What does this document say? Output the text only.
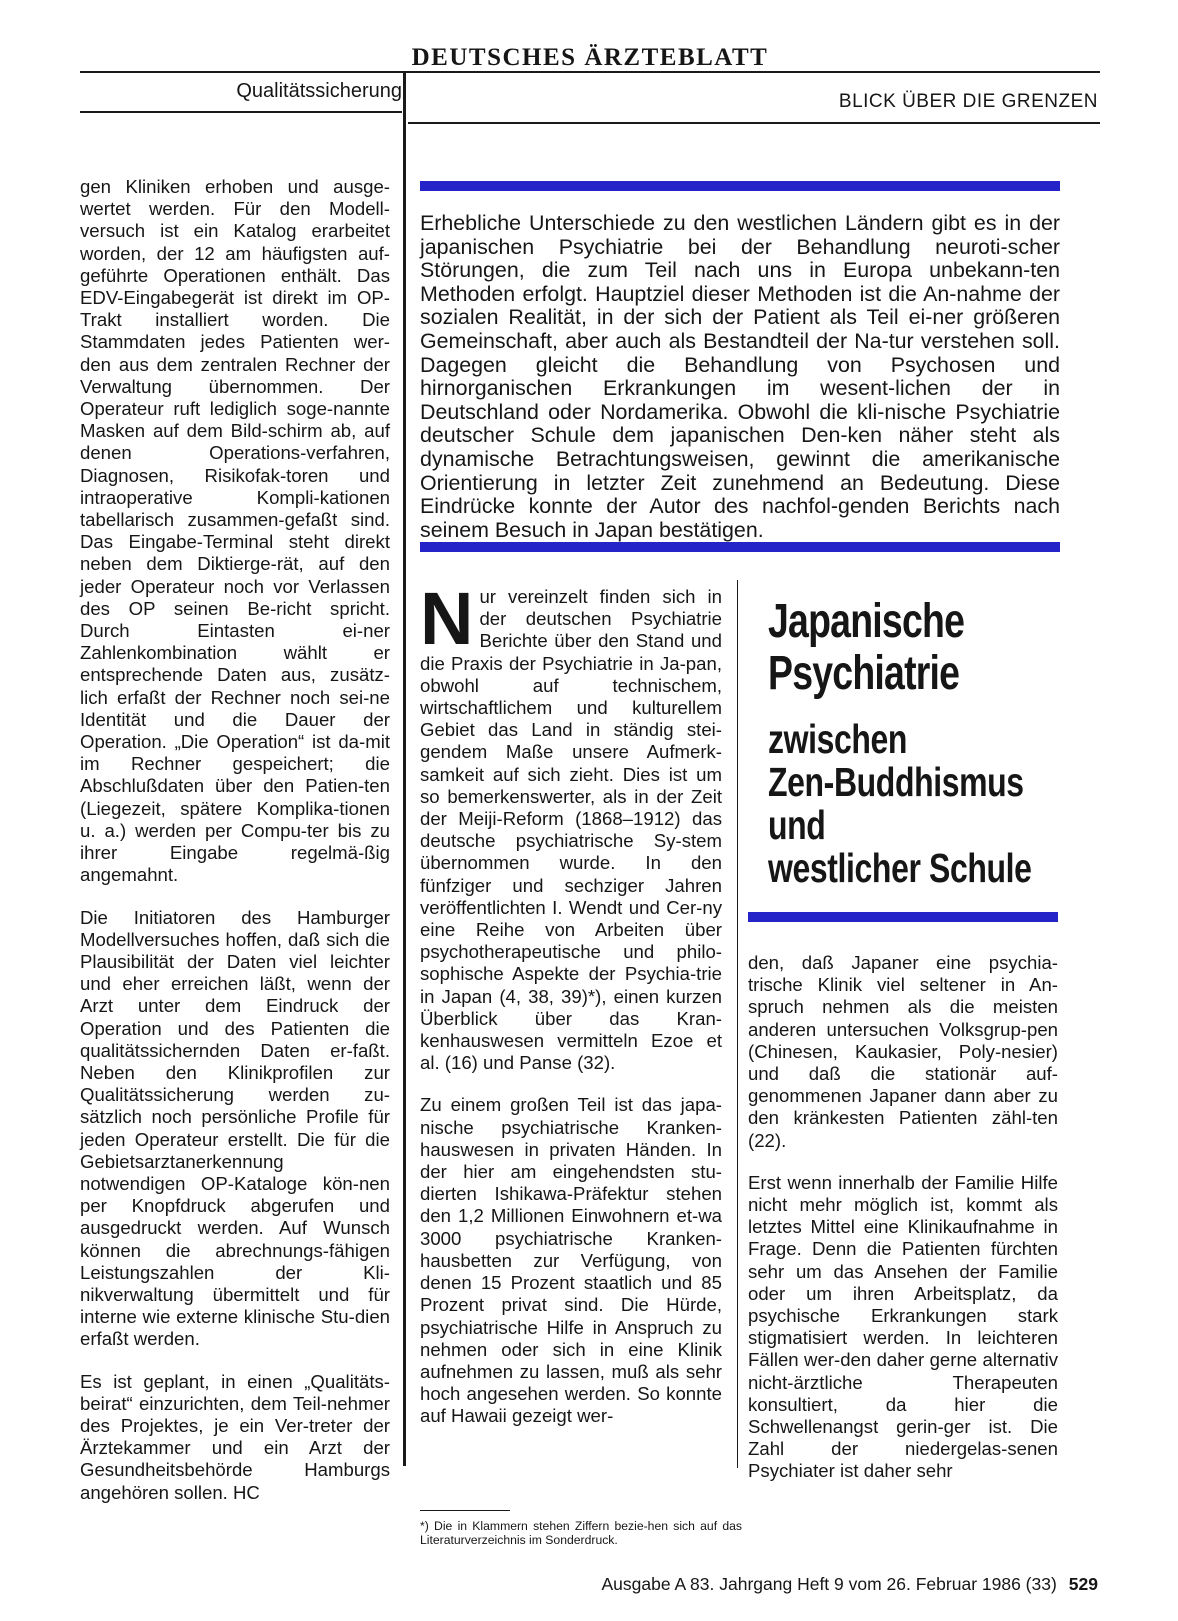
DEUTSCHES ÄRZTEBLATT
Qualitätssicherung	BLICK ÜBER DIE GRENZEN

gen Kliniken erhoben und ausge-wertet werden. Für den Modell-versuch ist ein Katalog erarbeitet worden, der 12 am häufigsten auf-geführte Operationen enthält. Das EDV-Eingabegerät ist direkt im OP-Trakt installiert worden. Die Stammdaten jedes Patienten wer-den aus dem zentralen Rechner der Verwaltung übernommen. Der Operateur ruft lediglich soge-nannte Masken auf dem Bild-schirm ab, auf denen Operations-verfahren, Diagnosen, Risikofak-toren und intraoperative Kompli-kationen tabellarisch zusammen-gefaßt sind. Das Eingabe-Terminal steht direkt neben dem Diktierge-rät, auf den jeder Operateur noch vor Verlassen des OP seinen Be-richt spricht. Durch Eintasten ei-ner Zahlenkombination wählt er entsprechende Daten aus, zusätz-lich erfaßt der Rechner noch sei-ne Identität und die Dauer der Operation. „Die Operation“ ist da-mit im Rechner gespeichert; die Abschlußdaten über den Patien-ten (Liegezeit, spätere Komplika-tionen u. a.) werden per Compu-ter bis zu ihrer Eingabe regelmä-ßig angemahnt.

Die Initiatoren des Hamburger Modellversuches hoffen, daß sich die Plausibilität der Daten viel leichter und eher erreichen läßt, wenn der Arzt unter dem Eindruck der Operation und des Patienten die qualitätssichernden Daten er-faßt. Neben den Klinikprofilen zur Qualitätssicherung werden zu-sätzlich noch persönliche Profile für jeden Operateur erstellt. Die für die Gebietsarztanerkennung notwendigen OP-Kataloge kön-nen per Knopfdruck abgerufen und ausgedruckt werden. Auf Wunsch können die abrechnungs-fähigen Leistungszahlen der Kli-nikverwaltung übermittelt und für interne wie externe klinische Stu-dien erfaßt werden.

Es ist geplant, in einen „Qualitäts-beirat“ einzurichten, dem Teil-nehmer des Projektes, je ein Ver-treter der Ärztekammer und ein Arzt der Gesundheitsbehörde Hamburgs angehören sollen. HC

Erhebliche Unterschiede zu den westlichen Ländern gibt es in der japanischen Psychiatrie bei der Behandlung neuroti-scher Störungen, die zum Teil nach uns in Europa unbekann-ten Methoden erfolgt. Hauptziel dieser Methoden ist die An-nahme der sozialen Realität, in der sich der Patient als Teil ei-ner größeren Gemeinschaft, aber auch als Bestandteil der Na-tur verstehen soll. Dagegen gleicht die Behandlung von Psychosen und hirnorganischen Erkrankungen im wesent-lichen der in Deutschland oder Nordamerika. Obwohl die kli-nische Psychiatrie deutscher Schule dem japanischen Den-ken näher steht als dynamische Betrachtungsweisen, gewinnt die amerikanische Orientierung in letzter Zeit zunehmend an Bedeutung. Diese Eindrücke konnte der Autor des nachfol-genden Berichts nach seinem Besuch in Japan bestätigen.

Nur vereinzelt finden sich in der deutschen Psychiatrie Berichte über den Stand und die Praxis der Psychiatrie in Ja-pan, obwohl auf technischem, wirtschaftlichem und kulturellem Gebiet das Land in ständig stei-gendem Maße unsere Aufmerk-samkeit auf sich zieht. Dies ist um so bemerkenswerter, als in der Zeit der Meiji-Reform (1868–1912) das deutsche psychiatrische Sy-stem übernommen wurde. In den fünfziger und sechziger Jahren veröffentlichten I. Wendt und Cer-ny eine Reihe von Arbeiten über psychotherapeutische und philo-sophische Aspekte der Psychia-trie in Japan (4, 38, 39)*), einen kurzen Überblick über das Kran-kenhauswesen vermitteln Ezoe et al. (16) und Panse (32).

Zu einem großen Teil ist das japa-nische psychiatrische Kranken-hauswesen in privaten Händen. In der hier am eingehendsten stu-dierten Ishikawa-Präfektur stehen den 1,2 Millionen Einwohnern et-wa 3000 psychiatrische Kranken-hausbetten zur Verfügung, von denen 15 Prozent staatlich und 85 Prozent privat sind. Die Hürde, psychiatrische Hilfe in Anspruch zu nehmen oder sich in eine Klinik aufnehmen zu lassen, muß als sehr hoch angesehen werden. So konnte auf Hawaii gezeigt wer-

*) Die in Klammern stehen Ziffern bezie-hen sich auf das Literaturverzeichnis im Sonderdruck.
Japanische
Psychiatrie
zwischen
Zen-Buddhismus
und
westlicher Schule

den, daß Japaner eine psychia-trische Klinik viel seltener in An-spruch nehmen als die meisten anderen untersuchen Volksgrup-pen (Chinesen, Kaukasier, Poly-nesier) und daß die stationär auf-genommenen Japaner dann aber zu den kränkesten Patienten zähl-ten (22).

Erst wenn innerhalb der Familie Hilfe nicht mehr möglich ist, kommt als letztes Mittel eine Klinikaufnahme in Frage. Denn die Patienten fürchten sehr um das Ansehen der Familie oder um ihren Arbeitsplatz, da psychische Erkrankungen stark stigmatisiert werden. In leichteren Fällen wer-den daher gerne alternativ nicht-ärztliche Therapeuten konsultiert, da hier die Schwellenangst gerin-ger ist. Die Zahl der niedergelas-senen Psychiater ist daher sehr

Ausgabe A 83. Jahrgang Heft 9 vom 26. Februar 1986 (33) 529
